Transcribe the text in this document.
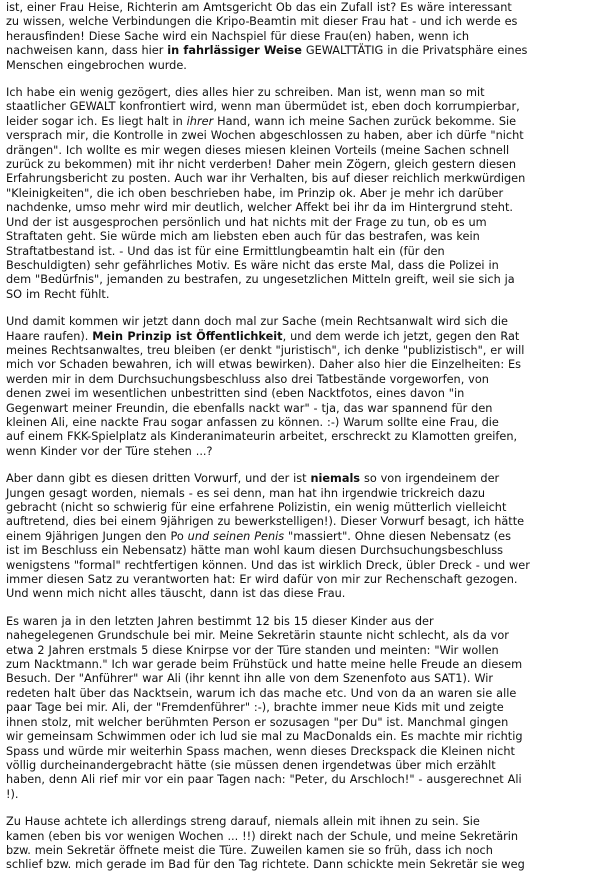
ist, einer Frau Heise, Richterin am Amtsgericht Ob das ein Zufall ist? Es wäre interessant
zu wissen, welche Verbindungen die Kripo-Beamtin mit dieser Frau hat - und ich werde es
herausfinden! Diese Sache wird ein Nachspiel für diese Frau(en) haben, wenn ich
nachweisen kann, dass hier in fahrlässiger Weise GEWALTTÄTIG in die Privatsphäre eines
Menschen eingebrochen wurde.
Ich habe ein wenig gezögert, dies alles hier zu schreiben. Man ist, wenn man so mit
staatlicher GEWALT konfrontiert wird, wenn man übermüdet ist, eben doch korrumpierbar,
leider sogar ich. Es liegt halt in ihrer Hand, wann ich meine Sachen zurück bekomme. Sie
versprach mir, die Kontrolle in zwei Wochen abgeschlossen zu haben, aber ich dürfe "nicht
drängen". Ich wollte es mir wegen dieses miesen kleinen Vorteils (meine Sachen schnell
zurück zu bekommen) mit ihr nicht verderben! Daher mein Zögern, gleich gestern diesen
Erfahrungsbericht zu posten. Auch war ihr Verhalten, bis auf dieser reichlich merkwürdigen
"Kleinigkeiten", die ich oben beschrieben habe, im Prinzip ok. Aber je mehr ich darüber
nachdenke, umso mehr wird mir deutlich, welcher Affekt bei ihr da im Hintergrund steht.
Und der ist ausgesprochen persönlich und hat nichts mit der Frage zu tun, ob es um
Straftaten geht. Sie würde mich am liebsten eben auch für das bestrafen, was kein
Straftatbestand ist. - Und das ist für eine Ermittlungbeamtin halt ein (für den
Beschuldigten) sehr gefährliches Motiv. Es wäre nicht das erste Mal, dass die Polizei in
dem "Bedürfnis", jemanden zu bestrafen, zu ungesetzlichen Mitteln greift, weil sie sich ja
SO im Recht fühlt.
Und damit kommen wir jetzt dann doch mal zur Sache (mein Rechtsanwalt wird sich die
Haare raufen). Mein Prinzip ist Öffentlichkeit, und dem werde ich jetzt, gegen den Rat
meines Rechtsanwaltes, treu bleiben (er denkt "juristisch", ich denke "publizistisch", er will
mich vor Schaden bewahren, ich will etwas bewirken). Daher also hier die Einzelheiten: Es
werden mir in dem Durchsuchungsbeschluss also drei Tatbestände vorgeworfen, von
denen zwei im wesentlichen unbestritten sind (eben Nacktfotos, eines davon "in
Gegenwart meiner Freundin, die ebenfalls nackt war" - tja, das war spannend für den
kleinen Ali, eine nackte Frau sogar anfassen zu können. :-) Warum sollte eine Frau, die
auf einem FKK-Spielplatz als Kinderanimateurin arbeitet, erschreckt zu Klamotten greifen,
wenn Kinder vor der Türe stehen ...?
Aber dann gibt es diesen dritten Vorwurf, und der ist niemals so von irgendeinem der
Jungen gesagt worden, niemals - es sei denn, man hat ihn irgendwie trickreich dazu
gebracht (nicht so schwierig für eine erfahrene Polizistin, ein wenig mütterlich vielleicht
auftretend, dies bei einem 9jährigen zu bewerkstelligen!). Dieser Vorwurf besagt, ich hätte
einem 9jährigen Jungen den Po und seinen Penis "massiert". Ohne diesen Nebensatz (es
ist im Beschluss ein Nebensatz) hätte man wohl kaum diesen Durchsuchungsbeschluss
wenigstens "formal" rechtfertigen können. Und das ist wirklich Dreck, übler Dreck - und wer
immer diesen Satz zu verantworten hat: Er wird dafür von mir zur Rechenschaft gezogen.
Und wenn mich nicht alles täuscht, dann ist das diese Frau.
Es waren ja in den letzten Jahren bestimmt 12 bis 15 dieser Kinder aus der
nahegelegenen Grundschule bei mir. Meine Sekretärin staunte nicht schlecht, als da vor
etwa 2 Jahren erstmals 5 diese Knirpse vor der Türe standen und meinten: "Wir wollen
zum Nacktmann." Ich war gerade beim Frühstück und hatte meine helle Freude an diesem
Besuch. Der "Anführer" war Ali (ihr kennt ihn alle von dem Szenenfoto aus SAT1). Wir
redeten halt über das Nacktsein, warum ich das mache etc. Und von da an waren sie alle
paar Tage bei mir. Ali, der "Fremdenführer" :-), brachte immer neue Kids mit und zeigte
ihnen stolz, mit welcher berühmten Person er sozusagen "per Du" ist. Manchmal gingen
wir gemeinsam Schwimmen oder ich lud sie mal zu MacDonalds ein. Es machte mir richtig
Spass und würde mir weiterhin Spass machen, wenn dieses Dreckspack die Kleinen nicht
völlig durcheinandergebracht hätte (sie müssen denen irgendetwas über mich erzählt
haben, denn Ali rief mir vor ein paar Tagen nach: "Peter, du Arschloch!" - ausgerechnet Ali
!).
Zu Hause achtete ich allerdings streng darauf, niemals allein mit ihnen zu sein. Sie
kamen (eben bis vor wenigen Wochen ... !!) direkt nach der Schule, und meine Sekretärin
bzw. mein Sekretär öffnete meist die Türe. Zuweilen kamen sie so früh, dass ich noch
schlief bzw. mich gerade im Bad für den Tag richtete. Dann schickte mein Sekretär sie weg
